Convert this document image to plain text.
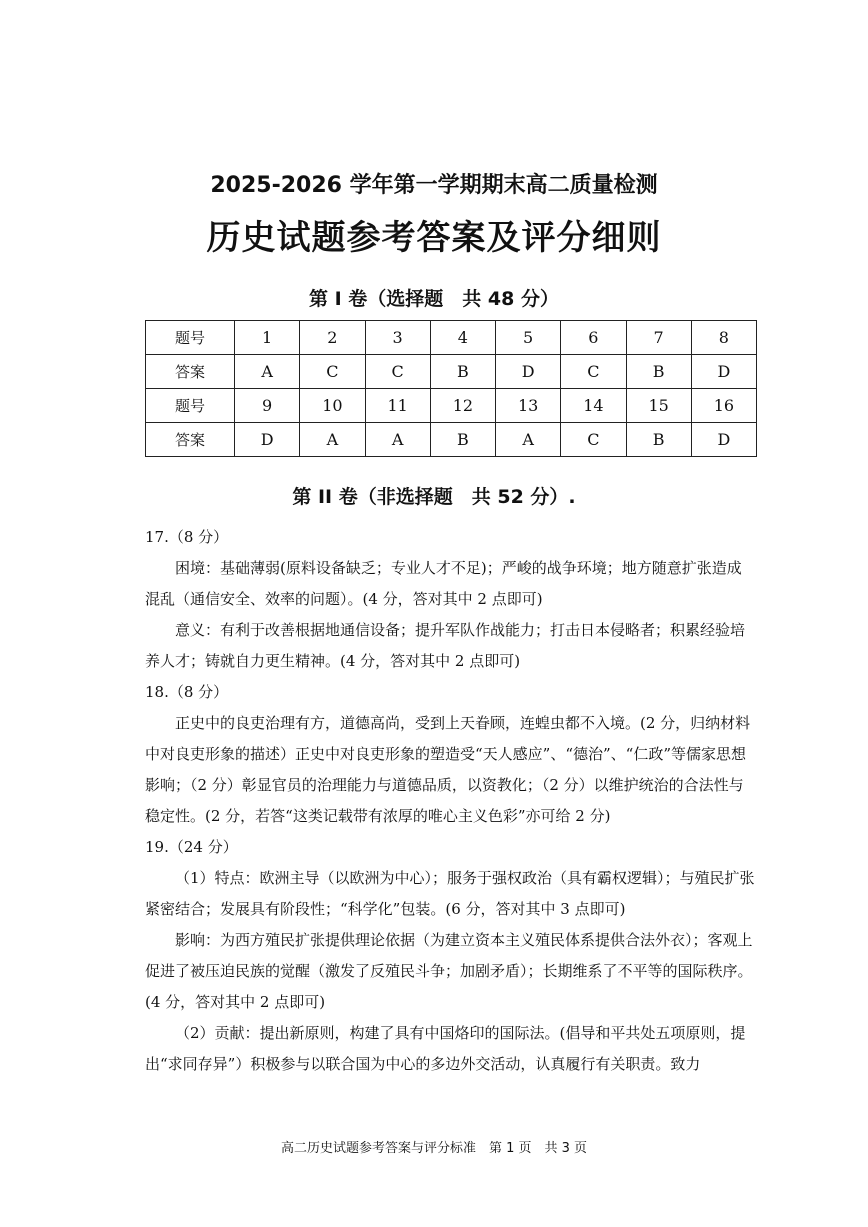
2025-2026 学年第一学期期末高二质量检测
历史试题参考答案及评分细则
第 I 卷（选择题　共 48 分）
题号	1	2	3	4	5	6	7	8
答案	A	C	C	B	D	C	B	D
题号	9	10	11	12	13	14	15	16
答案	D	A	A	B	A	C	B	D
第 II 卷（非选择题　共 52 分）.

17.（8 分）

困境：基础薄弱(原料设备缺乏；专业人才不足)；严峻的战争环境；地方随意扩张造成混乱（通信安全、效率的问题）。(4 分，答对其中 2 点即可)

意义：有利于改善根据地通信设备；提升军队作战能力；打击日本侵略者；积累经验培养人才；铸就自力更生精神。(4 分，答对其中 2 点即可)

18.（8 分）

正史中的良吏治理有方，道德高尚，受到上天眷顾，连蝗虫都不入境。(2 分，归纳材料中对良吏形象的描述）正史中对良吏形象的塑造受“天人感应”、“德治”、“仁政”等儒家思想影响；（2 分）彰显官员的治理能力与道德品质，以资教化；（2 分）以维护统治的合法性与稳定性。(2 分，若答“这类记载带有浓厚的唯心主义色彩”亦可给 2 分)

19.（24 分）

（1）特点：欧洲主导（以欧洲为中心）；服务于强权政治（具有霸权逻辑）；与殖民扩张紧密结合；发展具有阶段性；“科学化”包装。(6 分，答对其中 3 点即可)

影响：为西方殖民扩张提供理论依据（为建立资本主义殖民体系提供合法外衣）；客观上促进了被压迫民族的觉醒（激发了反殖民斗争；加剧矛盾）；长期维系了不平等的国际秩序。(4 分，答对其中 2 点即可)

（2）贡献：提出新原则，构建了具有中国烙印的国际法。(倡导和平共处五项原则，提出“求同存异”）积极参与以联合国为中心的多边外交活动，认真履行有关职责。致力

高二历史试题参考答案与评分标准　第 1 页　共 3 页
